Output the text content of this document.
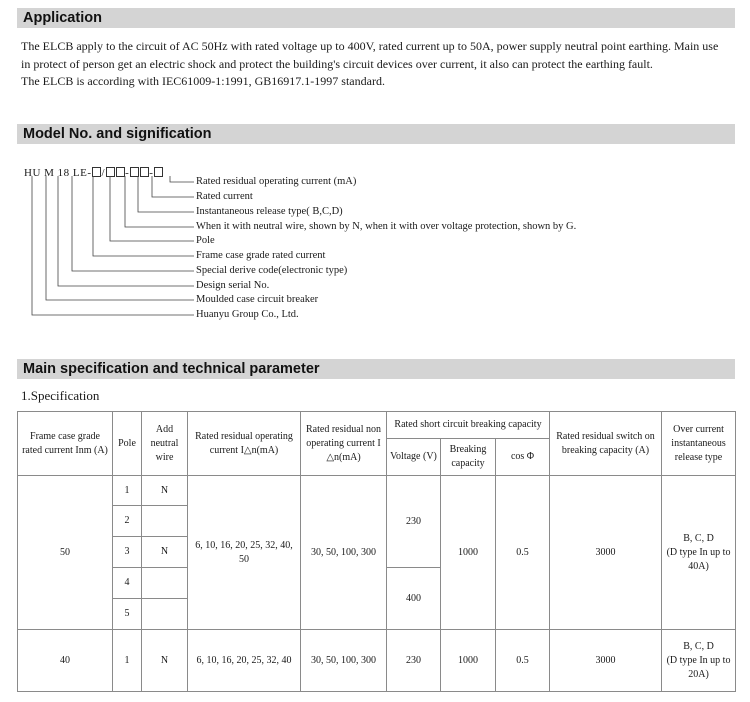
Application

The ELCB apply to the circuit of AC 50Hz with rated voltage up to 400V, rated current up to 50A, power supply neutral point earthing. Main use

in protect of person get an electric shock and protect the building's circuit devices over current, it also can protect the earthing fault.

The ELCB is according with IEC61009-1:1991, GB16917.1-1997 standard.

Model No. and signification
HU M 18 LE- / - -
Rated residual operating current (mA)
Rated current
Instantaneous release type( B,C,D)
When it with neutral wire, shown by N, when it with over voltage protection, shown by G.
Pole
Frame case grade rated current
Special derive code(electronic type)
Design serial No.
Moulded case circuit breaker
Huanyu Group Co., Ltd.
Main specification and technical parameter
1.Specification
Frame case grade rated current Inm (A)	Pole	Add neutral wire	Rated residual operating current I△n(mA)	Rated residual non operating current I △n(mA)	Rated short circuit breaking capacity			Rated residual switch on breaking capacity (A)	Over current instantaneous release type
					Voltage (V)	Breaking capacity	cos Φ		
50	1	N	6, 10, 16, 20, 25, 32, 40, 50	30, 50, 100, 300	230	1000	0.5	3000	B, C, D
(D type In up to 40A)

	2								
	3	N							
	4				400				
	5								
40	1	N	6, 10, 16, 20, 25, 32, 40	30, 50, 100, 300	230	1000	0.5	3000	B, C, D
(D type In up to 20A)
